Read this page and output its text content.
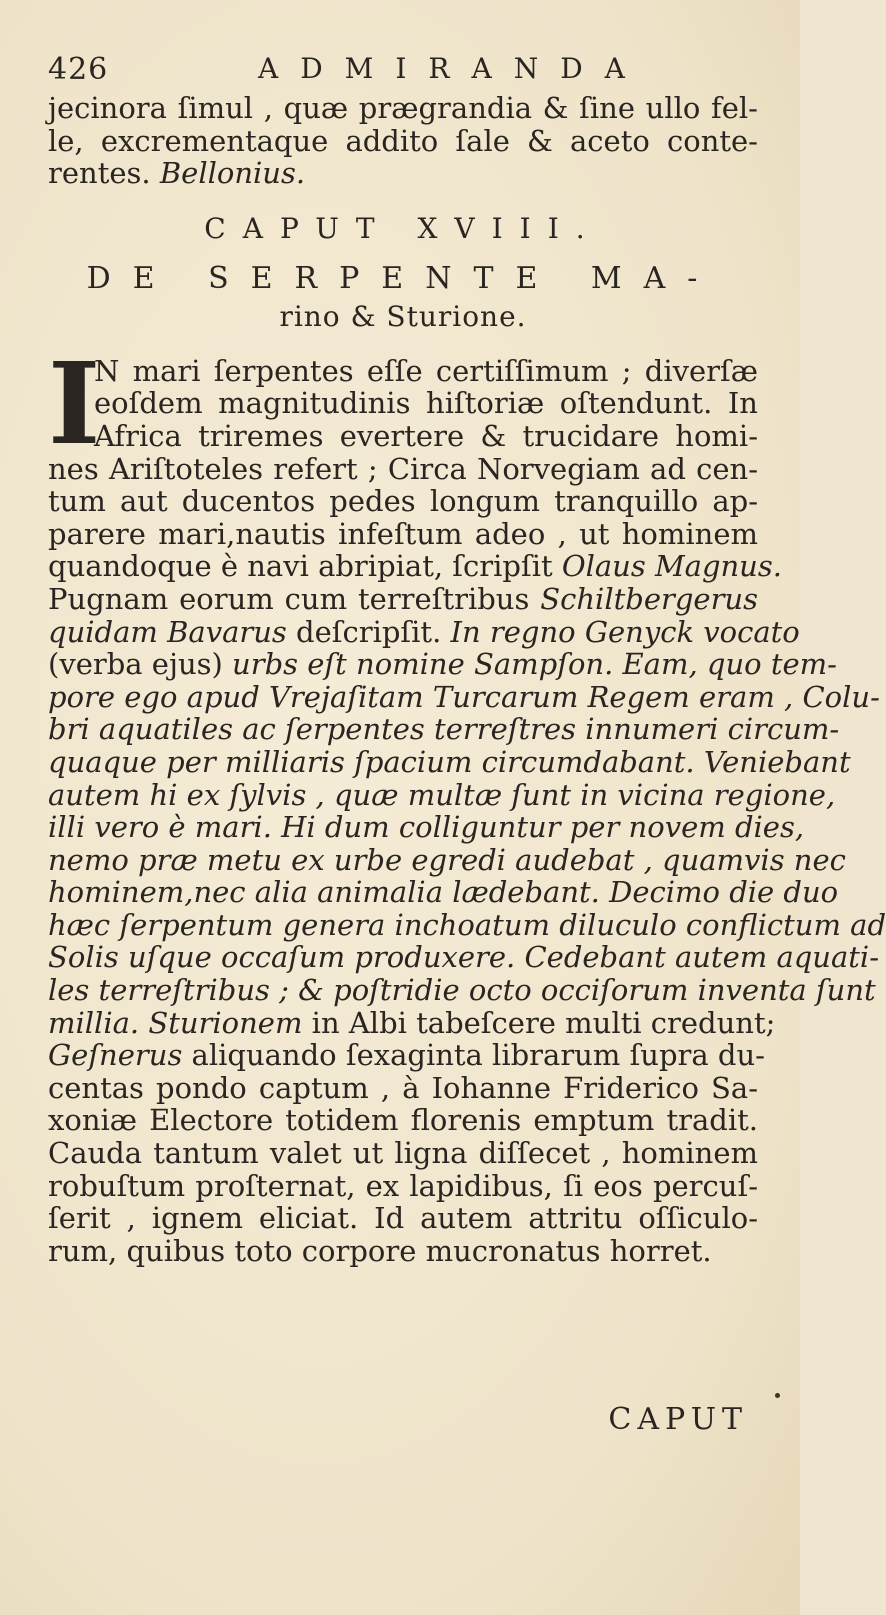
426	ADMIRANDA
jecinora ſimul , quæ prægrandia & ſine ullo fel-
le, excrementaque addito ſale & aceto conte-
rentes. Bellonius.
CAPUT XVIII.
DE SERPENTE MA-
rino & Sturione.
I
N mari ſerpentes eſſe certiſſimum ; diverſæ
eoſdem magnitudinis hiſtoriæ oſtendunt. In
Africa triremes evertere & trucidare homi-
nes Ariſtoteles refert ; Circa Norvegiam ad cen-
tum aut ducentos pedes longum tranquillo ap-
parere mari,nautis infeſtum adeo , ut hominem
quandoque è navi abripiat, ſcripſit Olaus Magnus.
Pugnam eorum cum terreſtribus Schiltbergerus
quidam Bavarus deſcripſit. In regno Genyck vocato
(verba ejus) urbs eſt nomine Sampſon. Eam, quo tem-
pore ego apud Vrejaſitam Turcarum Regem eram , Colu-
bri aquatiles ac ſerpentes terreſtres innumeri circum-
quaque per milliaris ſpacium circumdabant. Veniebant
autem hi ex ſylvis , quæ multæ ſunt in vicina regione,
illi vero è mari. Hi dum colliguntur per novem dies,
nemo præ metu ex urbe egredi audebat , quamvis nec
hominem,nec alia animalia lædebant. Decimo die duo
hæc ſerpentum genera inchoatum diluculo conflictum ad
Solis uſque occaſum produxere. Cedebant autem aquati-
les terreſtribus ; & poſtridie octo occiſorum inventa ſunt
millia. Sturionem in Albi tabeſcere multi credunt;
Geſnerus aliquando ſexaginta librarum ſupra du-
centas pondo captum , à Iohanne Friderico Sa-
xoniæ Electore totidem florenis emptum tradit.
Cauda tantum valet ut ligna diſſecet , hominem
robuſtum proſternat, ex lapidibus, ſi eos percuſ-
ſerit , ignem eliciat. Id autem attritu oſſiculo-
rum, quibus toto corpore mucronatus horret.
CAPUT
